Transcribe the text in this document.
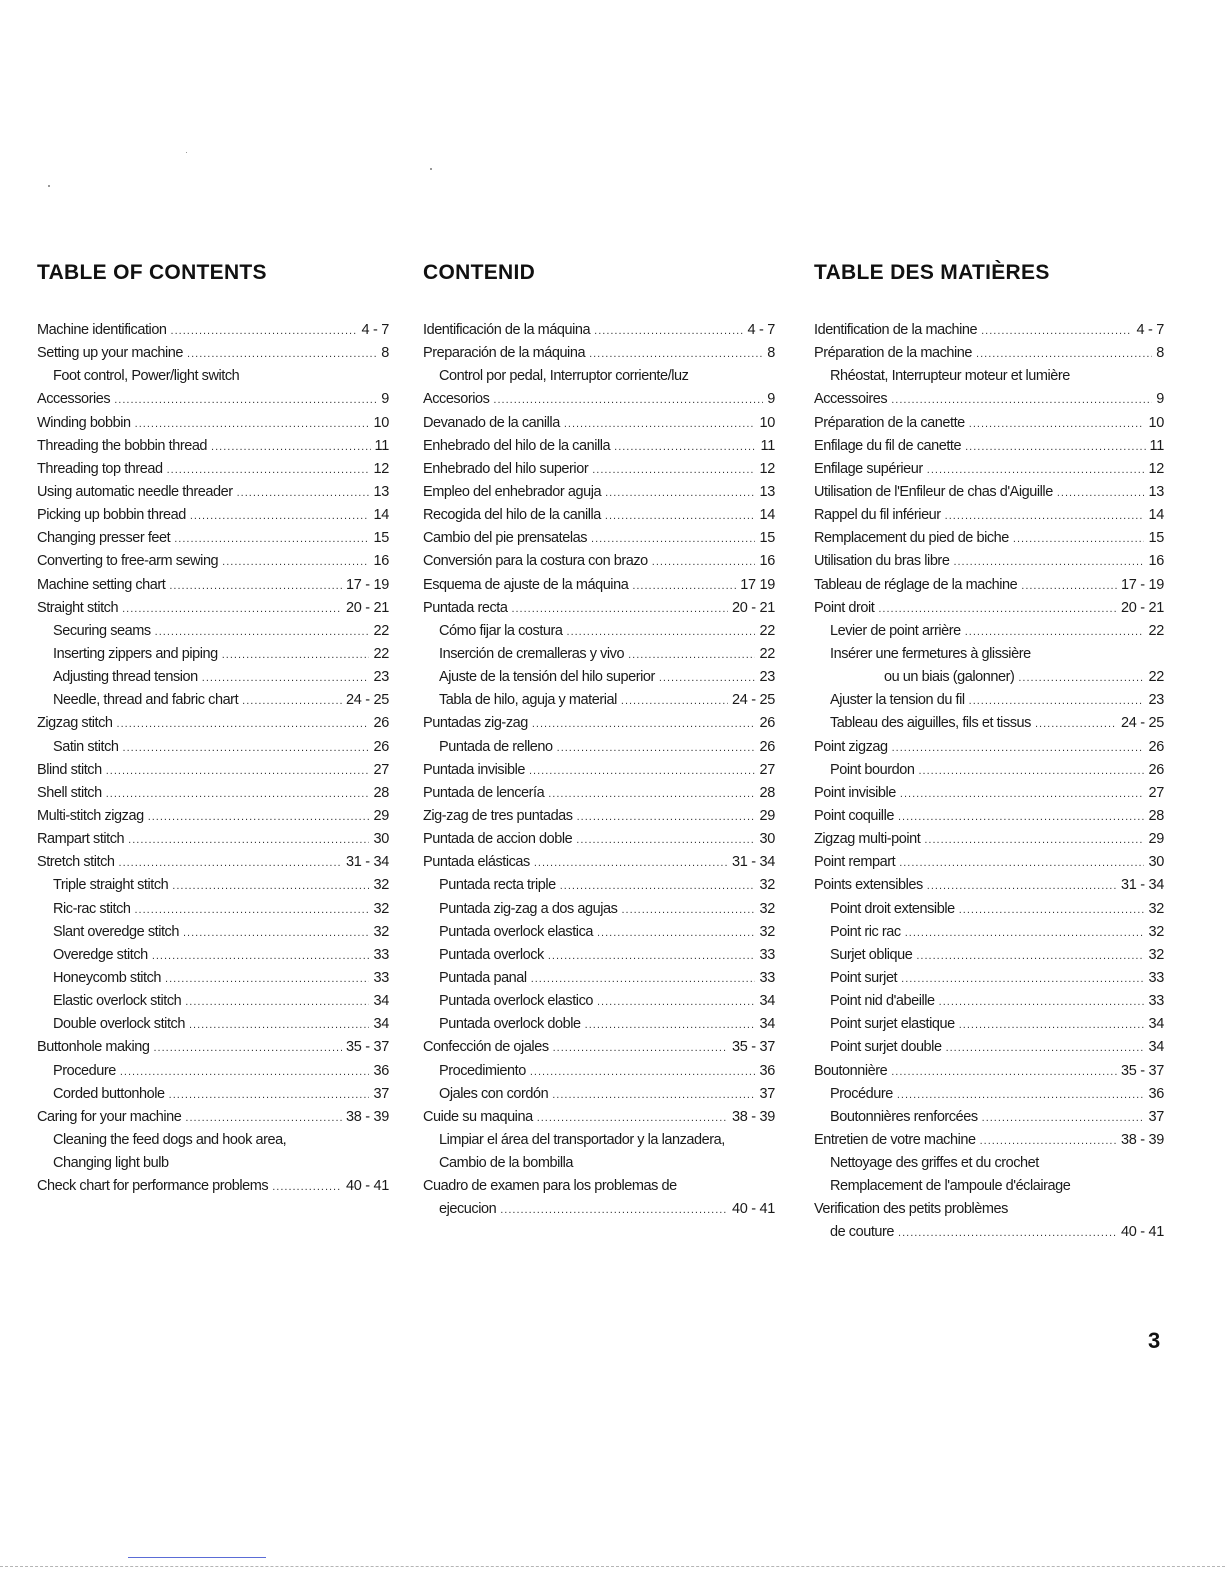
TABLE OF CONTENTS
Machine identification .....	4 - 7
Setting up your machine .....	8
Foot control, Power/light switch
Accessories .....	9
Winding bobbin .....	10
Threading the bobbin thread .....	11
Threading top thread .....	12
Using automatic needle threader .....	13
Picking up bobbin thread .....	14
Changing presser feet .....	15
Converting to free-arm sewing .....	16
Machine setting chart .....	17 - 19
Straight stitch .....	20 - 21
Securing seams .....	22
Inserting zippers and piping .....	22
Adjusting thread tension .....	23
Needle, thread and fabric chart .....	24 - 25
Zigzag stitch .....	26
Satin stitch .....	26
Blind stitch .....	27
Shell stitch .....	28
Multi-stitch zigzag .....	29
Rampart stitch .....	30
Stretch stitch .....	31 - 34
Triple straight stitch .....	32
Ric-rac stitch .....	32
Slant overedge stitch .....	32
Overedge stitch .....	33
Honeycomb stitch .....	33
Elastic overlock stitch .....	34
Double overlock stitch .....	34
Buttonhole making .....	35 - 37
Procedure .....	36
Corded buttonhole .....	37
Caring for your machine .....	38 - 39
Cleaning the feed dogs and hook area,
Changing light bulb
Check chart for performance problems .....	40 - 41
CONTENID
Identificación de la máquina .....	4 - 7
Preparación de la máquina .....	8
Control por pedal, Interruptor corriente/luz
Accesorios .....	9
Devanado de la canilla .....	10
Enhebrado del hilo de la canilla .....	11
Enhebrado del hilo superior .....	12
Empleo del enhebrador aguja .....	13
Recogida del hilo de la canilla .....	14
Cambio del pie prensatelas .....	15
Conversión para la costura con brazo .....	16
Esquema de ajuste de la máquina .....	17 19
Puntada recta .....	20 - 21
Cómo fijar la costura .....	22
Inserción de cremalleras y vivo .....	22
Ajuste de la tensión del hilo superior .....	23
Tabla de hilo, aguja y material .....	24 - 25
Puntadas zig-zag .....	26
Puntada de relleno .....	26
Puntada invisible .....	27
Puntada de lencería .....	28
Zig-zag de tres puntadas .....	29
Puntada de accion doble .....	30
Puntada elásticas .....	31 - 34
Puntada recta triple .....	32
Puntada zig-zag a dos agujas .....	32
Puntada overlock elastica .....	32
Puntada overlock .....	33
Puntada panal .....	33
Puntada overlock elastico .....	34
Puntada overlock doble .....	34
Confección de ojales .....	35 - 37
Procedimiento .....	36
Ojales con cordón .....	37
Cuide su maquina .....	38 - 39
Limpiar el área del transportador y la lanzadera,
Cambio de la bombilla
Cuadro de examen para los problemas de
ejecucion .....	40 - 41
TABLE DES MATIÈRES
Identification de la machine .....	4 - 7
Préparation de la machine .....	8
Rhéostat, Interrupteur moteur et lumière
Accessoires .....	9
Préparation de la canette .....	10
Enfilage du fil de canette .....	11
Enfilage supérieur .....	12
Utilisation de l'Enfileur de chas d'Aiguille .....	13
Rappel du fil inférieur .....	14
Remplacement du pied de biche .....	15
Utilisation du bras libre .....	16
Tableau de réglage de la machine .....	17 - 19
Point droit .....	20 - 21
Levier de point arrière .....	22
Insérer une fermetures à glissière
ou un biais (galonner) .....	22
Ajuster la tension du fil .....	23
Tableau des aiguilles, fils et tissus .....	24 - 25
Point zigzag .....	26
Point bourdon .....	26
Point invisible .....	27
Point coquille .....	28
Zigzag multi-point .....	29
Point rempart .....	30
Points extensibles .....	31 - 34
Point droit extensible .....	32
Point ric rac .....	32
Surjet oblique .....	32
Point surjet .....	33
Point nid d'abeille .....	33
Point surjet elastique .....	34
Point surjet double .....	34
Boutonnière .....	35 - 37
Procédure .....	36
Boutonnières renforcées .....	37
Entretien de votre machine .....	38 - 39
Nettoyage des griffes et du crochet
Remplacement de l'ampoule d'éclairage
Verification des petits problèmes
de couture .....	40 - 41
3
